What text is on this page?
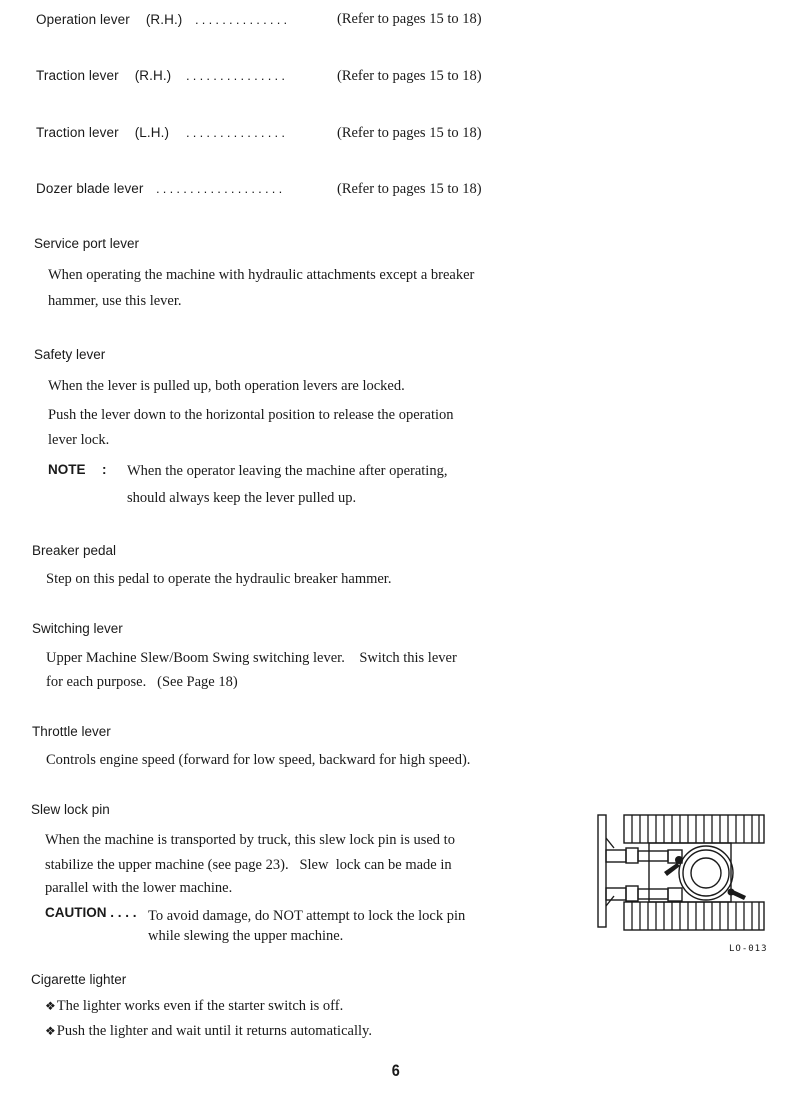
Operation lever (R.H.) ..............	(Refer to pages 15 to 18)
Traction lever (R.H.) ...............	(Refer to pages 15 to 18)
Traction lever (L.H.) ...............	(Refer to pages 15 to 18)
Dozer blade lever ...................	(Refer to pages 15 to 18)
Service port lever
When operating the machine with hydraulic attachments except a breaker
hammer, use this lever.
Safety lever
When the lever is pulled up, both operation levers are locked.
Push the lever down to the horizontal position to release the operation
lever lock.
NOTE : When the operator leaving the machine after operating,
should always keep the lever pulled up.
Breaker pedal
Step on this pedal to operate the hydraulic breaker hammer.
Switching lever
Upper Machine Slew/Boom Swing switching lever.    Switch this lever
for each purpose.   (See Page 18)
Throttle lever
Controls engine speed (forward for low speed, backward for high speed).
Slew lock pin
When the machine is transported by truck, this slew lock pin is used to
stabilize the upper machine (see page 23).   Slew  lock can be made in
parallel with the lower machine.
CAUTION . . . . To avoid damage, do NOT attempt to lock the lock pin
while slewing the upper machine.
Cigarette lighter
❖The lighter works even if the starter switch is off.
❖Push the lighter and wait until it returns automatically.
6
LO-013
